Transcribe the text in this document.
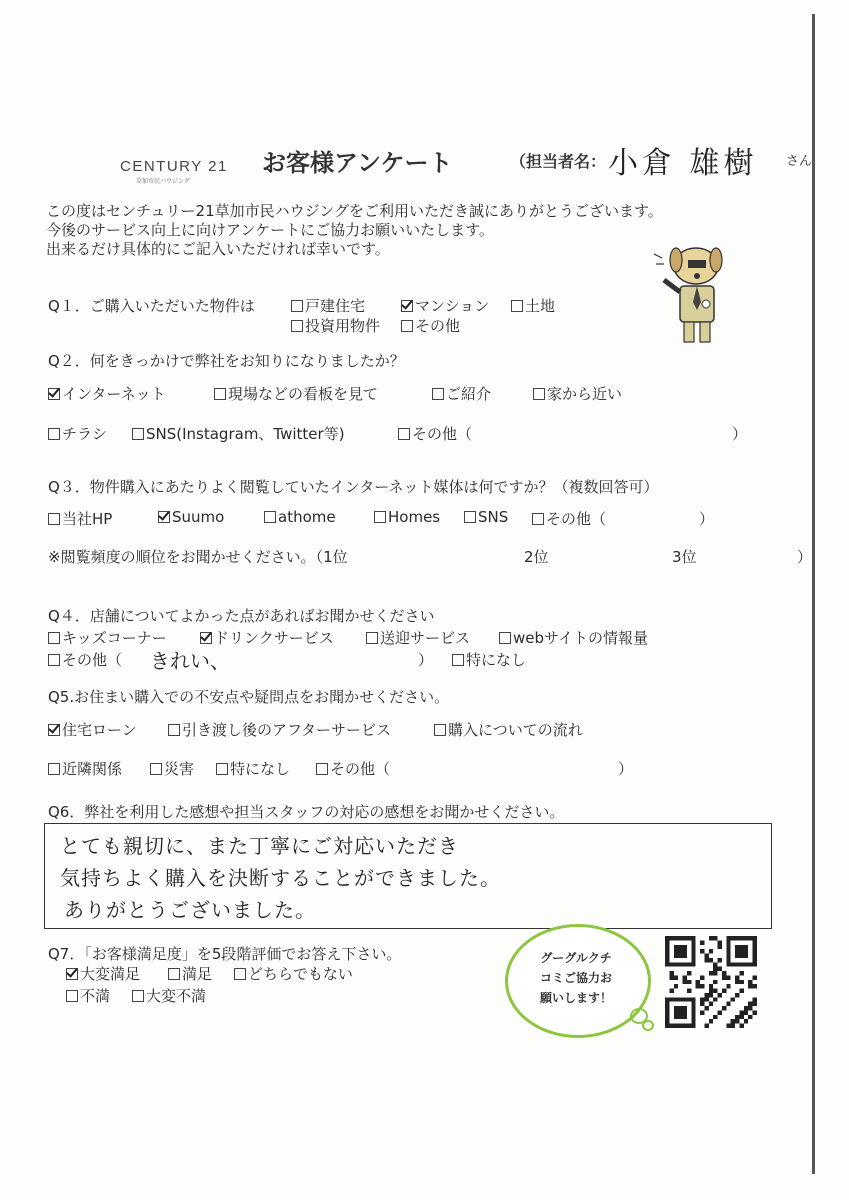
CENTURY 21
草加市民ハウジング
お客様アンケート	（担当者名： 小倉 雄樹 さん
この度はセンチュリー21草加市民ハウジングをご利用いただき誠にありがとうございます。
今後のサービス向上に向けアンケートにご協力お願いいたします。
出来るだけ具体的にご記入いただければ幸いです。
Q１．ご購入いただいた物件は	戸建住宅	マンション 土地
投資用物件 その他
Q２．何をきっかけで弊社をお知りになりましたか？
インターネット	現場などの看板を見て	ご紹介	家から近い
チラシ	SNS(Instagram、Twitter等)	その他（	）
Q３．物件購入にあたりよく閲覧していたインターネット媒体は何ですか？（複数回答可）
当社HP	Suumo	athome	Homes	SNS	その他（	）
※閲覧頻度の順位をお聞かせください。（1位	2位	3位	）
Q４．店舗についてよかった点があればお聞かせください
キッズコーナー	ドリンクサービス	送迎サービス	webサイトの情報量
その他（ きれい、	） 特になし
Q5.お住まい購入での不安点や疑問点をお聞かせください。
住宅ローン	引き渡し後のアフターサービス	購入についての流れ
近隣関係	災害 特になし	その他（	）
Q6．弊社を利用した感想や担当スタッフの対応の感想をお聞かせください。
とても親切に、また丁寧にご対応いただき
気持ちよく購入を決断することができました。
ありがとうございました。
Q7．「お客様満足度」を5段階評価でお答え下さい。
大変満足	満足 どちらでもない
不満 大変不満
グーグルクチ
コミご協力お
願いします！
